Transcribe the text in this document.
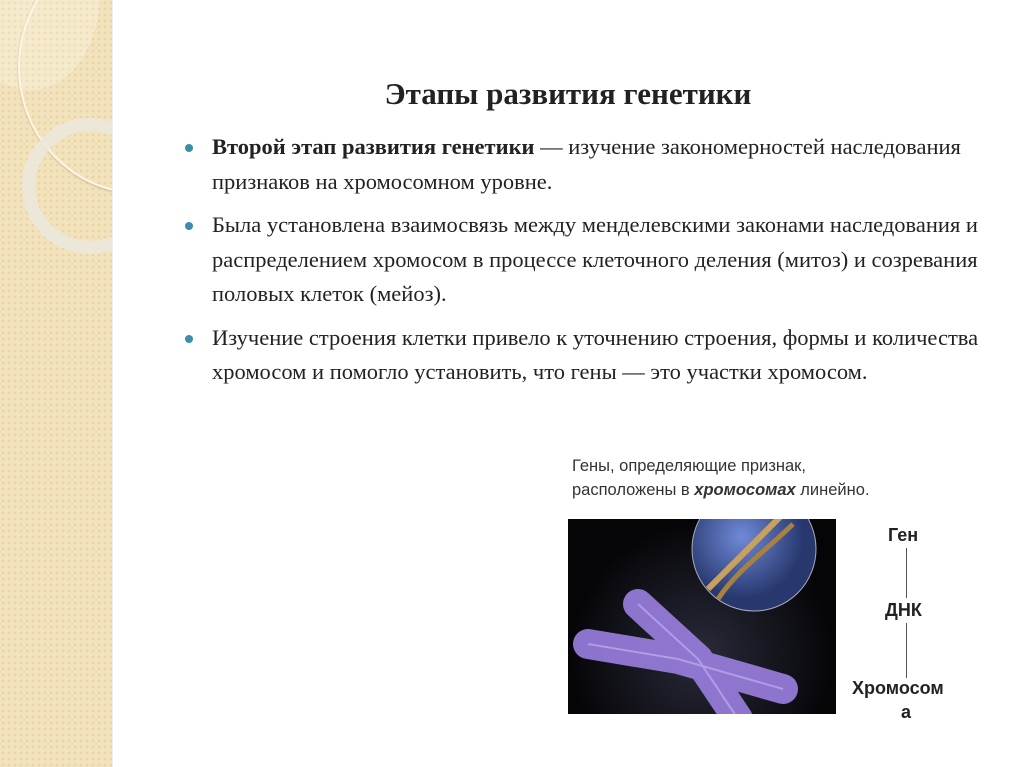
Этапы развития генетики
Второй этап развития генетики — изучение закономерностей наследования признаков на хромосомном уровне.
Была установлена взаимосвязь между менделевскими законами наследования и распределением хромосом в процессе клеточного деления (митоз) и созревания половых клеток (мейоз).
Изучение строения клетки привело к уточнению строения, формы и количества хромосом и помогло установить, что гены — это участки хромосом.
Гены, определяющие признак,
расположены в хромосомах линейно.
Ген
ДНК
Хромосом
а
